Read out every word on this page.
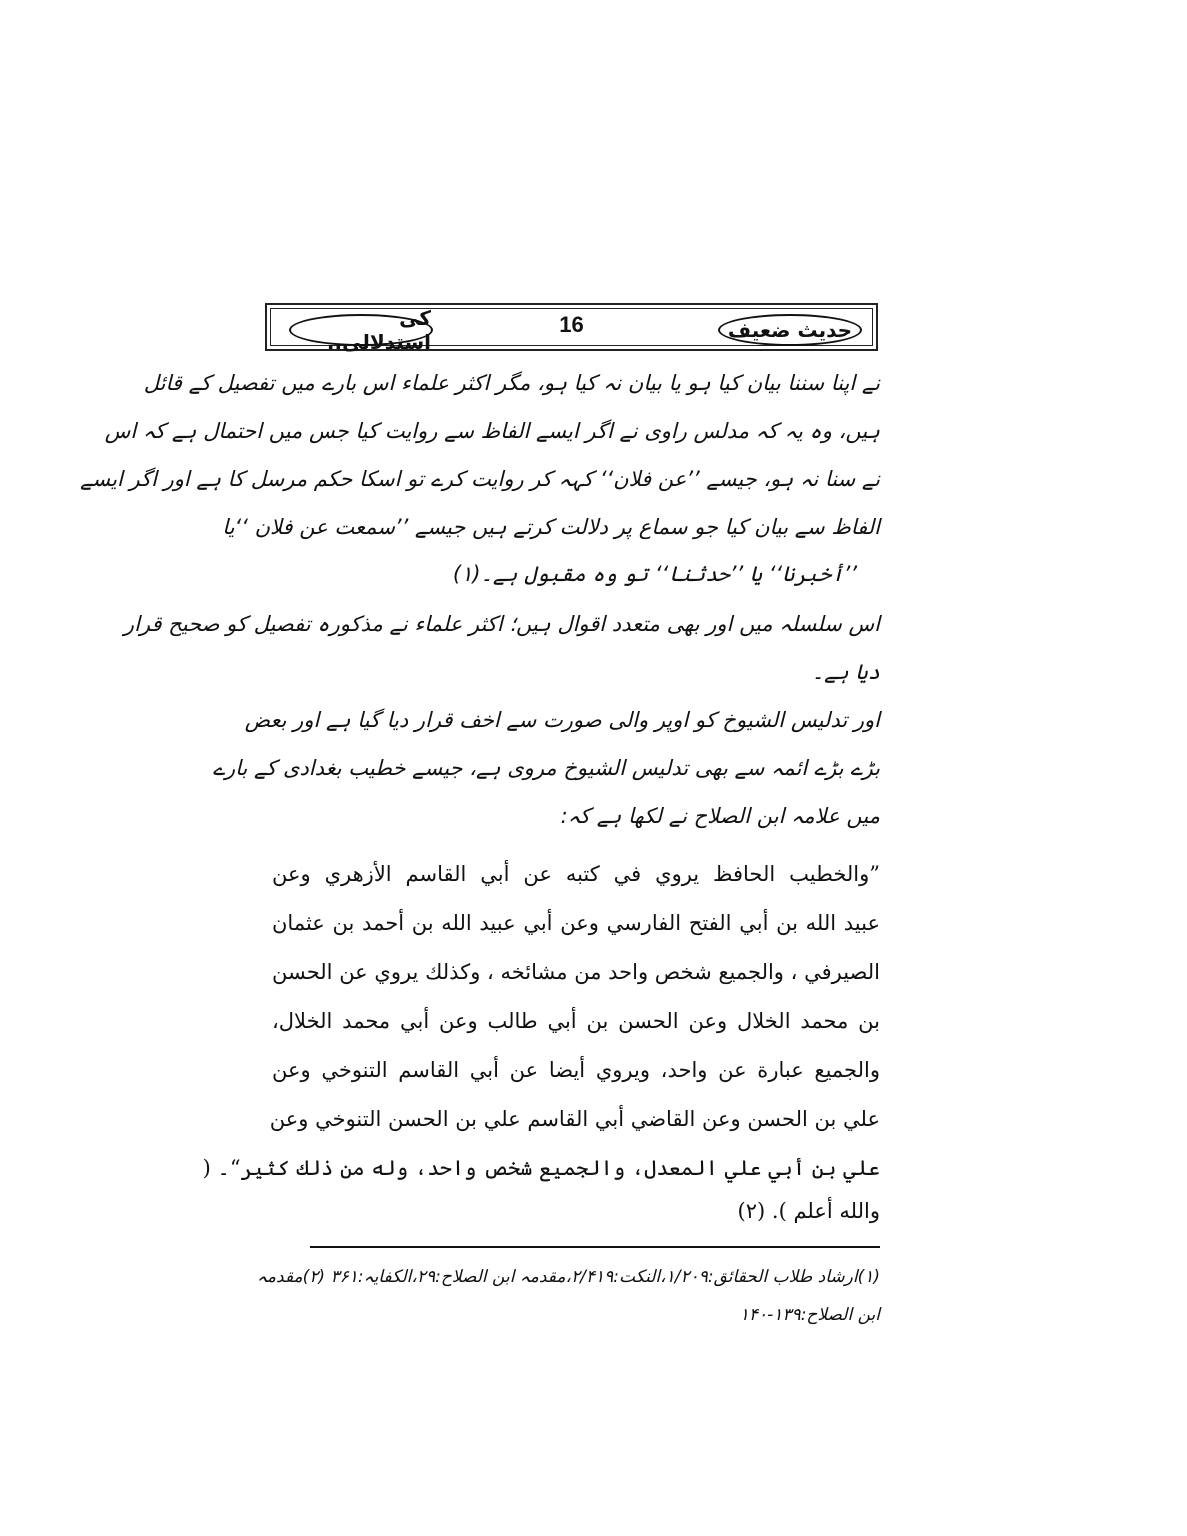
حدیث ضعیف
16
کی استدلالی..
نے اپنا سننا بیان کیا ہو یا بیان نہ کیا ہو، مگر اکثر علماء اس بارے میں تفصیل کے قائل
ہیں، وہ یہ کہ مدلس راوی نے اگر ایسے الفاظ سے روایت کیا جس میں احتمال ہے کہ اس
نے سنا نہ ہو، جیسے ’’عن فلان‘‘ کہہ کر روایت کرے تو اسکا حکم مرسل کا ہے اور اگر ایسے
الفاظ سے بیان کیا جو سماع پر دلالت کرتے ہیں جیسے ’’سمعت عن فلان ‘‘یا
’’أخبرنا‘‘ یا ’’حدثنا‘‘ تو وہ مقبول ہے۔(۱)
اس سلسلہ میں اور بھی متعدد اقوال ہیں؛ اکثر علماء نے مذکورہ تفصیل کو صحیح قرار
دیا ہے۔
اور تدلیس الشیوخ کو اوپر والی صورت سے اخف قرار دیا گیا ہے اور بعض
بڑے بڑے ائمہ سے بھی تدلیس الشیوخ مروی ہے، جیسے خطیب بغدادی کے بارے
میں علامہ ابن الصلاح نے لکھا ہے کہ:
”والخطيب الحافظ يروي في كتبه عن أبي القاسم الأزهري وعن
عبيد الله بن أبي الفتح الفارسي وعن أبي عبيد الله بن أحمد بن عثمان
الصيرفي ، والجميع شخص واحد من مشائخه ، وكذلك يروي عن الحسن
بن محمد الخلال وعن الحسن بن أبي طالب وعن أبي محمد الخلال،
والجميع عبارة عن واحد، ويروي أيضا عن أبي القاسم التنوخي وعن
علي بن الحسن وعن القاضي أبي القاسم علي بن الحسن التنوخي وعن
علي بن أبي علي المعدل، والجميع شخص واحد، وله من ذلك كثير“۔ (
والله أعلم ). (۲)
(۱)ارشاد طلاب الحقائق:۱/۲۰۹،النکت:۲/۴۱۹،مقدمہ ابن الصلاح:۲۹،الکفایہ:۳۶۱ (۲)مقدمہ
ابن الصلاح:۱۳۹-۱۴۰
